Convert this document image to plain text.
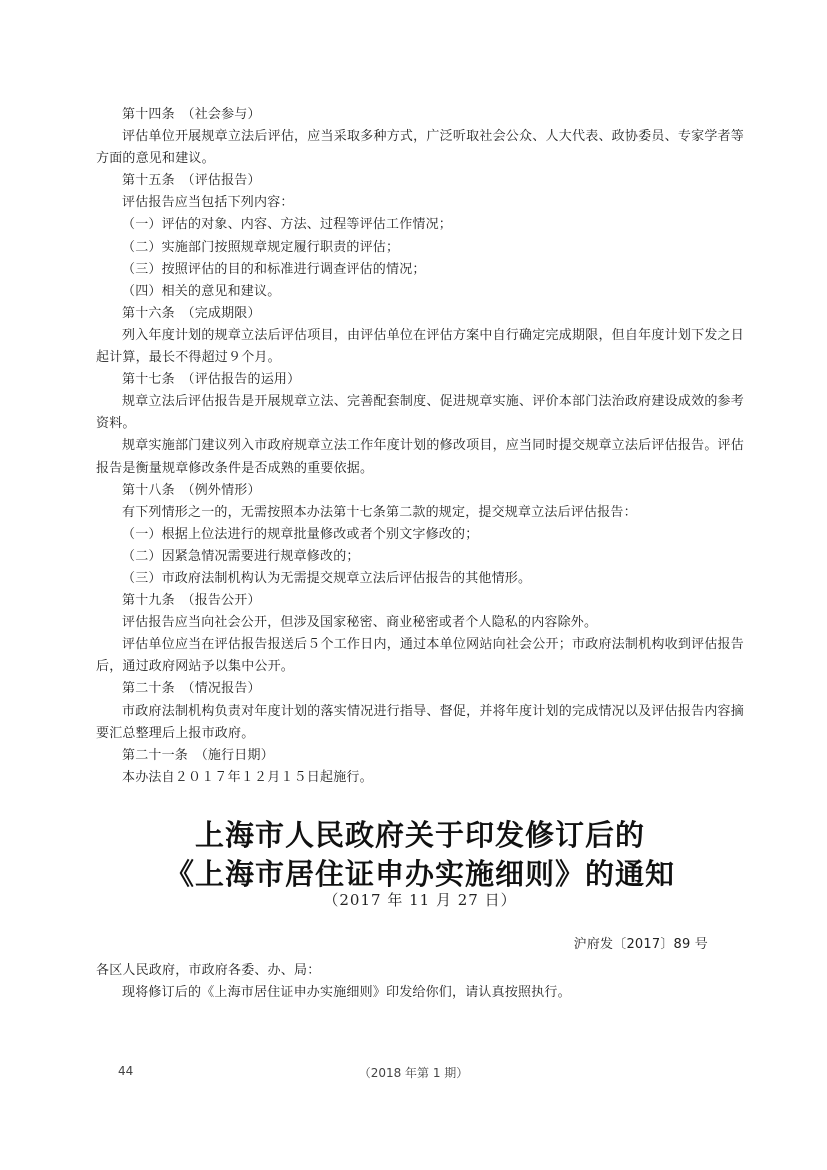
第十四条　（社会参与）

评估单位开展规章立法后评估，应当采取多种方式，广泛听取社会公众、人大代表、政协委员、专家学者等方面的意见和建议。

第十五条　（评估报告）

评估报告应当包括下列内容：

（一）评估的对象、内容、方法、过程等评估工作情况；

（二）实施部门按照规章规定履行职责的评估；

（三）按照评估的目的和标准进行调查评估的情况；

（四）相关的意见和建议。

第十六条　（完成期限）

列入年度计划的规章立法后评估项目，由评估单位在评估方案中自行确定完成期限，但自年度计划下发之日起计算，最长不得超过９个月。

第十七条　（评估报告的运用）

规章立法后评估报告是开展规章立法、完善配套制度、促进规章实施、评价本部门法治政府建设成效的参考资料。

规章实施部门建议列入市政府规章立法工作年度计划的修改项目，应当同时提交规章立法后评估报告。评估报告是衡量规章修改条件是否成熟的重要依据。

第十八条　（例外情形）

有下列情形之一的，无需按照本办法第十七条第二款的规定，提交规章立法后评估报告：

（一）根据上位法进行的规章批量修改或者个别文字修改的；

（二）因紧急情况需要进行规章修改的；

（三）市政府法制机构认为无需提交规章立法后评估报告的其他情形。

第十九条　（报告公开）

评估报告应当向社会公开，但涉及国家秘密、商业秘密或者个人隐私的内容除外。

评估单位应当在评估报告报送后５个工作日内，通过本单位网站向社会公开；市政府法制机构收到评估报告后，通过政府网站予以集中公开。

第二十条　（情况报告）

市政府法制机构负责对年度计划的落实情况进行指导、督促，并将年度计划的完成情况以及评估报告内容摘要汇总整理后上报市政府。

第二十一条　（施行日期）

本办法自２０１７年１２月１５日起施行。

上海市人民政府关于印发修订后的
《上海市居住证申办实施细则》的通知
（2017 年 11 月 27 日）
沪府发〔2017〕89 号

各区人民政府，市政府各委、办、局：

现将修订后的《上海市居住证申办实施细则》印发给你们，请认真按照执行。

44	（2018 年第 1 期）
